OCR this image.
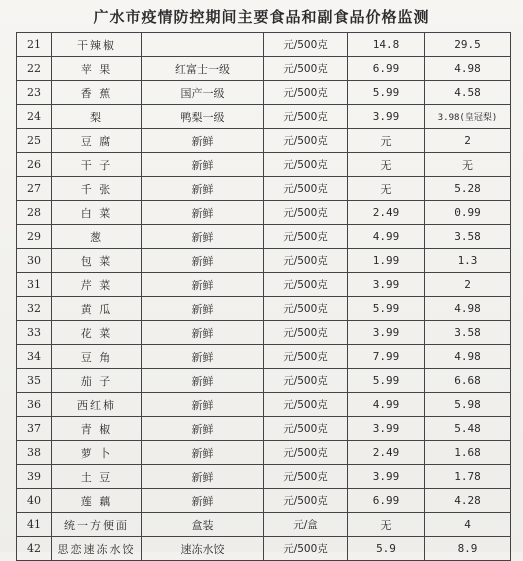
广水市疫情防控期间主要食品和副食品价格监测
21	干辣椒		元/500克	14.8	29.5
22	苹 果	红富士一级	元/500克	6.99	4.98
23	香 蕉	国产一级	元/500克	5.99	4.58
24	梨	鸭梨一级	元/500克	3.99	3.98(皇冠梨)
25	豆 腐	新鲜	元/500克	元	2
26	干 子	新鲜	元/500克	无	无
27	千 张	新鲜	元/500克	无	5.28
28	白 菜	新鲜	元/500克	2.49	0.99
29	葱	新鲜	元/500克	4.99	3.58
30	包 菜	新鲜	元/500克	1.99	1.3
31	芹 菜	新鲜	元/500克	3.99	2
32	黄 瓜	新鲜	元/500克	5.99	4.98
33	花 菜	新鲜	元/500克	3.99	3.58
34	豆 角	新鲜	元/500克	7.99	4.98
35	茄 子	新鲜	元/500克	5.99	6.68
36	西红柿	新鲜	元/500克	4.99	5.98
37	青 椒	新鲜	元/500克	3.99	5.48
38	萝 卜	新鲜	元/500克	2.49	1.68
39	土 豆	新鲜	元/500克	3.99	1.78
40	莲 藕	新鲜	元/500克	6.99	4.28
41	统一方便面	盒装	元/盒	无	4
42	思恋速冻水饺	速冻水饺	元/500克	5.9	8.9
